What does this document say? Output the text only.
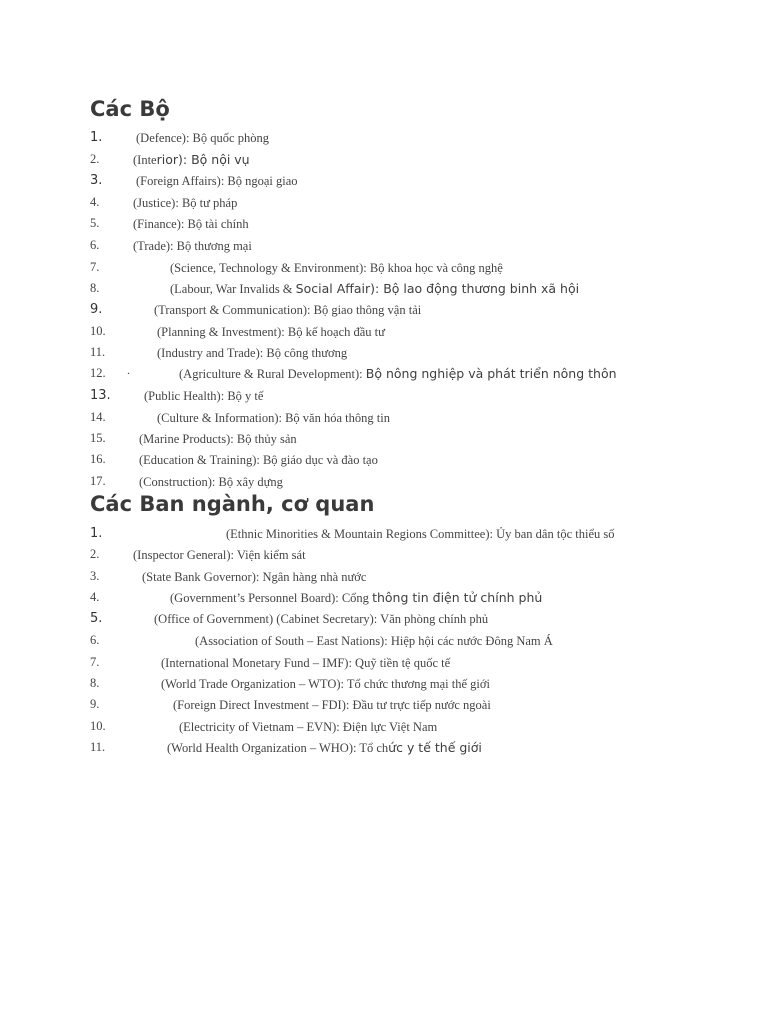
Các Bộ
1.	(Defence): Bộ quốc phòng
2.	(Interior): Bộ nội vụ
3.	(Foreign Affairs): Bộ ngoại giao
4.	(Justice): Bộ tư pháp
5.	(Finance): Bộ tài chính
6.	(Trade): Bộ thương mại
7.	(Science, Technology & Environment): Bộ khoa học và công nghệ
8.	(Labour, War Invalids & Social Affair): Bộ lao động thương binh xã hội
9.	(Transport & Communication): Bộ giao thông vận tải
10.	(Planning & Investment): Bộ kế hoạch đầu tư
11.	(Industry and Trade): Bộ công thương
12. .	(Agriculture & Rural Development): Bộ nông nghiệp và phát triển nông thôn
13.	(Public Health): Bộ y tế
14.	(Culture & Information): Bộ văn hóa thông tin
15.	(Marine Products): Bộ thủy sản
16.	(Education & Training): Bộ giáo dục và đào tạo
17.	(Construction): Bộ xây dựng
Các Ban ngành, cơ quan
1.	(Ethnic Minorities & Mountain Regions Committee): Ủy ban dân tộc thiểu số
2.	(Inspector General): Viện kiểm sát
3.	(State Bank Governor): Ngân hàng nhà nước
4.	(Government’s Personnel Board): Cổng thông tin điện tử chính phủ
5.	(Office of Government) (Cabinet Secretary): Văn phòng chính phủ
6.	(Association of South – East Nations): Hiệp hội các nước Đông Nam Á
7.	(International Monetary Fund – IMF): Quỹ tiền tệ quốc tế
8.	(World Trade Organization – WTO): Tổ chức thương mại thế giới
9.	(Foreign Direct Investment – FDI): Đầu tư trực tiếp nước ngoài
10.	(Electricity of Vietnam – EVN): Điện lực Việt Nam
11.	(World Health Organization – WHO): Tổ chức y tế thế giới
